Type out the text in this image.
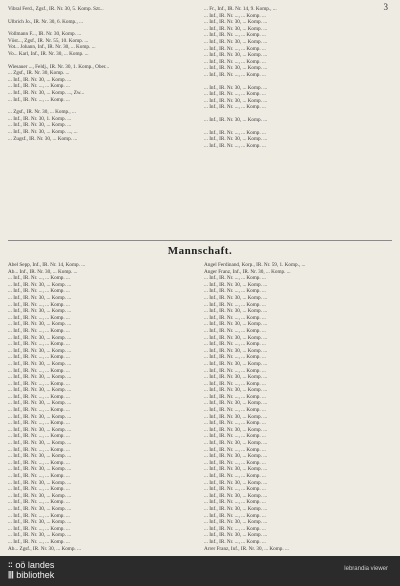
3
Vibral Ferd., Zgsf., IR. Nr. 30, 5. Komp. Szt...
Ulbrich Jo., IR. Nr. 30, 6. Komp., ...
Vollmann F..., IR. Nr. 30, Komp. ...
Vöst..., Zgsf., IR. Nr. 55, 10. Komp. ...
Vot... Johann, Inf., IR. Nr. 30, ... Komp. ...
Vo... Karl, Inf., IR. Nr. 30, ... Komp. ...
Wiesauer ..., Feldj., IR. Nr. 30, 1. Komp., Ober...
... Zgsf., IR. Nr. 30, Komp. ...
... Inf., IR. Nr. 30, ... Komp. ...
... Inf., IR. Nr. ..., ... Komp. ...
... Inf., IR. Nr. 30, ... Komp. ..., Zw...
... Inf., IR. Nr. ..., ... Komp. ...
... Zgsf., IR. Nr. 30, ... Komp., ...
... Inf., IR. Nr. 30, 1. Komp. ...
... Inf., IR. Nr. 30, ... Komp. ...
... Inf., IR. Nr. 30, ... Komp. ..., ...
... Zugsf., IR. Nr. 30, ... Komp. ...
... Fr., Inf., IR. Nr. 14, 9. Komp., ...
... Inf., IR. Nr. ..., ... Komp. ...
... Inf., IR. Nr. 30, ... Komp. ...
... Inf., IR. Nr. 30, ... Komp. ...
... Inf., IR. Nr. ..., ... Komp. ...
... Inf., IR. Nr. 30, ... Komp. ...
... Inf., IR. Nr. ..., ... Komp. ...
... Inf., IR. Nr. 30, ... Komp. ...
... Inf., IR. Nr. ..., ... Komp. ...
... Inf., IR. Nr. 30, ... Komp. ...
... Inf., IR. Nr. ..., ... Komp. ...
... Inf., IR. Nr. 30, ... Komp. ...
... Inf., IR. Nr. ..., ... Komp. ...
... Inf., IR. Nr. 30, ... Komp. ...
... Inf., IR. Nr. ..., ... Komp. ...
... Inf., IR. Nr. 30, ... Komp. ...
... Inf., IR. Nr. ..., ... Komp. ...
... Inf., IR. Nr. 30, ... Komp. ...
... Inf., IR. Nr. ..., ... Komp. ...
Mannschaft.
Abel Sepp, Inf., IR. Nr. 14, Komp. ...
Ab... Inf., IR. Nr. 30, ... Komp. ...
... Inf., IR. Nr. ..., ... Komp. ...
... Inf., IR. Nr. 30, ... Komp. ...
... Inf., IR. Nr. ..., ... Komp. ...
... Inf., IR. Nr. 30, ... Komp. ...
... Inf., IR. Nr. ..., ... Komp. ...
... Inf., IR. Nr. 30, ... Komp. ...
... Inf., IR. Nr. ..., ... Komp. ...
... Inf., IR. Nr. 30, ... Komp. ...
... Inf., IR. Nr. ..., ... Komp. ...
... Inf., IR. Nr. 30, ... Komp. ...
... Inf., IR. Nr. ..., ... Komp. ...
... Inf., IR. Nr. 30, ... Komp. ...
... Inf., IR. Nr. ..., ... Komp. ...
... Inf., IR. Nr. 30, ... Komp. ...
... Inf., IR. Nr. ..., ... Komp. ...
... Inf., IR. Nr. 30, ... Komp. ...
... Inf., IR. Nr. ..., ... Komp. ...
... Inf., IR. Nr. 30, ... Komp. ...
... Inf., IR. Nr. ..., ... Komp. ...
... Inf., IR. Nr. 30, ... Komp. ...
... Inf., IR. Nr. ..., ... Komp. ...
... Inf., IR. Nr. 30, ... Komp. ...
... Inf., IR. Nr. ..., ... Komp. ...
... Inf., IR. Nr. 30, ... Komp. ...
... Inf., IR. Nr. ..., ... Komp. ...
... Inf., IR. Nr. 30, ... Komp. ...
... Inf., IR. Nr. ..., ... Komp. ...
... Inf., IR. Nr. 30, ... Komp. ...
... Inf., IR. Nr. ..., ... Komp. ...
... Inf., IR. Nr. 30, ... Komp. ...
... Inf., IR. Nr. ..., ... Komp. ...
... Inf., IR. Nr. 30, ... Komp. ...
... Inf., IR. Nr. ..., ... Komp. ...
... Inf., IR. Nr. 30, ... Komp. ...
... Inf., IR. Nr. ..., ... Komp. ...
... Inf., IR. Nr. 30, ... Komp. ...
... Inf., IR. Nr. ..., ... Komp. ...
... Inf., IR. Nr. 30, ... Komp. ...
... Inf., IR. Nr. ..., ... Komp. ...
... Inf., IR. Nr. 30, ... Komp. ...
... Inf., IR. Nr. ..., ... Komp. ...
Ab... Zgsf., IR. Nr. 30, ... Komp. ...
Angel Ferdinand, Korp., IR. Nr. 59, 1. Komp., ...
Anger Franz, Inf., IR. Nr. 30, ... Komp. ...
... Inf., IR. Nr. ..., ... Komp. ...
... Inf., IR. Nr. 30, ... Komp. ...
... Inf., IR. Nr. ..., ... Komp. ...
... Inf., IR. Nr. 30, ... Komp. ...
... Inf., IR. Nr. ..., ... Komp. ...
... Inf., IR. Nr. 30, ... Komp. ...
... Inf., IR. Nr. ..., ... Komp. ...
... Inf., IR. Nr. 30, ... Komp. ...
... Inf., IR. Nr. ..., ... Komp. ...
... Inf., IR. Nr. 30, ... Komp. ...
... Inf., IR. Nr. ..., ... Komp. ...
... Inf., IR. Nr. 30, ... Komp. ...
... Inf., IR. Nr. ..., ... Komp. ...
... Inf., IR. Nr. 30, ... Komp. ...
... Inf., IR. Nr. ..., ... Komp. ...
... Inf., IR. Nr. 30, ... Komp. ...
... Inf., IR. Nr. ..., ... Komp. ...
... Inf., IR. Nr. 30, ... Komp. ...
... Inf., IR. Nr. ..., ... Komp. ...
... Inf., IR. Nr. 30, ... Komp. ...
... Inf., IR. Nr. ..., ... Komp. ...
... Inf., IR. Nr. 30, ... Komp. ...
... Inf., IR. Nr. ..., ... Komp. ...
... Inf., IR. Nr. 30, ... Komp. ...
... Inf., IR. Nr. ..., ... Komp. ...
... Inf., IR. Nr. 30, ... Komp. ...
... Inf., IR. Nr. ..., ... Komp. ...
... Inf., IR. Nr. 30, ... Komp. ...
... Inf., IR. Nr. ..., ... Komp. ...
... Inf., IR. Nr. 30, ... Komp. ...
... Inf., IR. Nr. ..., ... Komp. ...
... Inf., IR. Nr. 30, ... Komp. ...
... Inf., IR. Nr. ..., ... Komp. ...
... Inf., IR. Nr. 30, ... Komp. ...
... Inf., IR. Nr. ..., ... Komp. ...
... Inf., IR. Nr. 30, ... Komp. ...
... Inf., IR. Nr. ..., ... Komp. ...
... Inf., IR. Nr. 30, ... Komp. ...
... Inf., IR. Nr. ..., ... Komp. ...
... Inf., IR. Nr. 30, ... Komp. ...
... Inf., IR. Nr. ..., ... Komp. ...
Arrer Franz, Inf., IR. Nr. 30, ... Komp. ...
:: oö landes
||| bibliothek
lebrandia viewer
